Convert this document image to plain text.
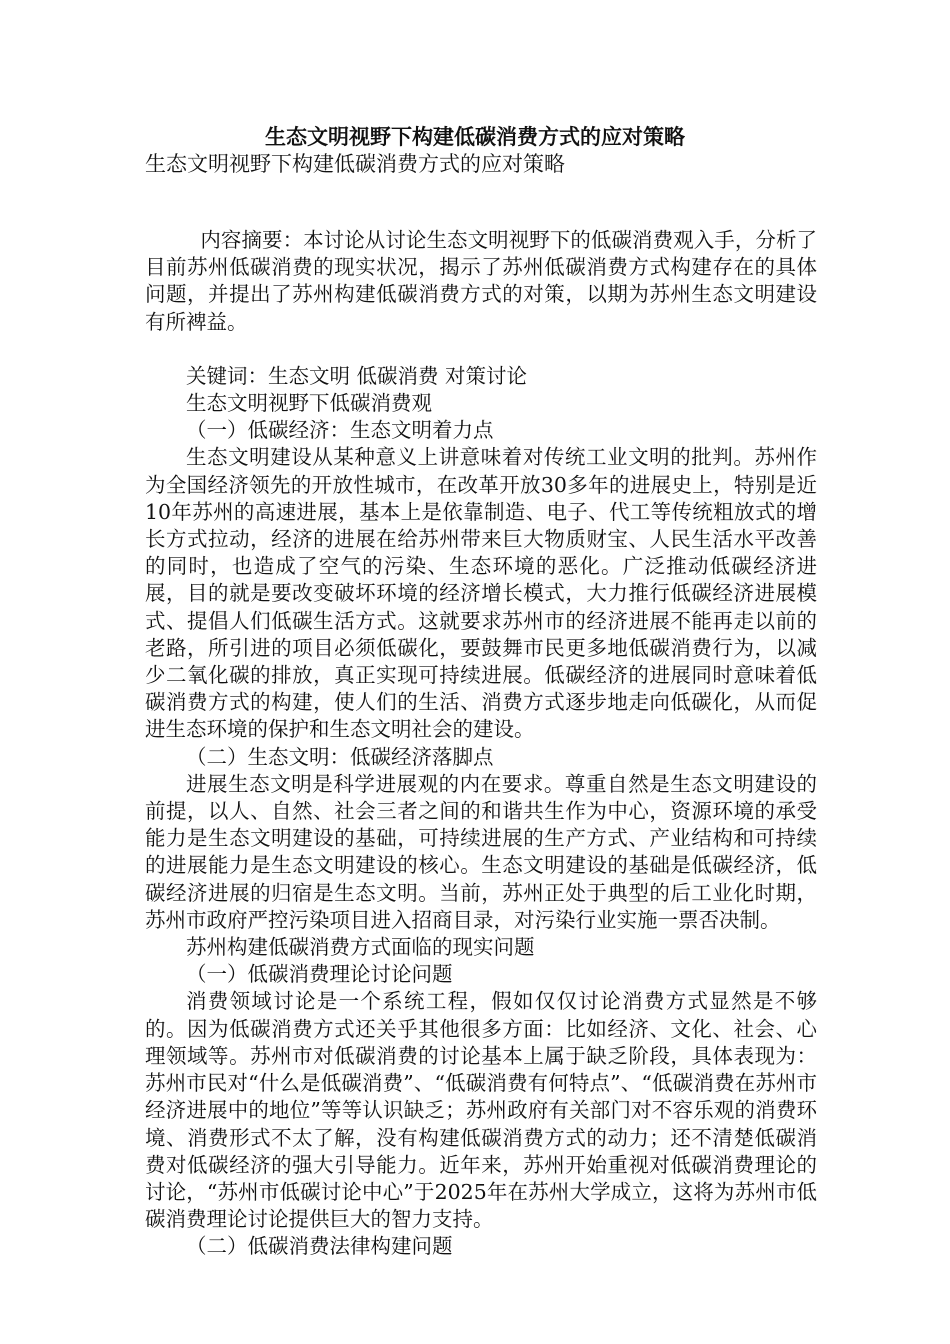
生态文明视野下构建低碳消费方式的应对策略

生态文明视野下构建低碳消费方式的应对策略

内容摘要：本讨论从讨论生态文明视野下的低碳消费观入手，分析了目前苏州低碳消费的现实状况，揭示了苏州低碳消费方式构建存在的具体问题，并提出了苏州构建低碳消费方式的对策，以期为苏州生态文明建设有所裨益。

关键词：生态文明 低碳消费 对策讨论

生态文明视野下低碳消费观

（一）低碳经济：生态文明着力点

生态文明建设从某种意义上讲意味着对传统工业文明的批判。苏州作为全国经济领先的开放性城市，在改革开放30多年的进展史上，特别是近10年苏州的高速进展，基本上是依靠制造、电子、代工等传统粗放式的增长方式拉动，经济的进展在给苏州带来巨大物质财宝、人民生活水平改善的同时，也造成了空气的污染、生态环境的恶化。广泛推动低碳经济进展，目的就是要改变破坏环境的经济增长模式，大力推行低碳经济进展模式、提倡人们低碳生活方式。这就要求苏州市的经济进展不能再走以前的老路，所引进的项目必须低碳化，要鼓舞市民更多地低碳消费行为，以减少二氧化碳的排放，真正实现可持续进展。低碳经济的进展同时意味着低碳消费方式的构建，使人们的生活、消费方式逐步地走向低碳化，从而促进生态环境的保护和生态文明社会的建设。

（二）生态文明：低碳经济落脚点

进展生态文明是科学进展观的内在要求。尊重自然是生态文明建设的前提，以人、自然、社会三者之间的和谐共生作为中心，资源环境的承受能力是生态文明建设的基础，可持续进展的生产方式、产业结构和可持续的进展能力是生态文明建设的核心。生态文明建设的基础是低碳经济，低碳经济进展的归宿是生态文明。当前，苏州正处于典型的后工业化时期，苏州市政府严控污染项目进入招商目录，对污染行业实施一票否决制。

苏州构建低碳消费方式面临的现实问题

（一）低碳消费理论讨论问题

消费领域讨论是一个系统工程，假如仅仅讨论消费方式显然是不够的。因为低碳消费方式还关乎其他很多方面：比如经济、文化、社会、心理领域等。苏州市对低碳消费的讨论基本上属于缺乏阶段，具体表现为：苏州市民对“什么是低碳消费”、“低碳消费有何特点”、“低碳消费在苏州市经济进展中的地位”等等认识缺乏；苏州政府有关部门对不容乐观的消费环境、消费形式不太了解，没有构建低碳消费方式的动力；还不清楚低碳消费对低碳经济的强大引导能力。近年来，苏州开始重视对低碳消费理论的讨论，“苏州市低碳讨论中心”于2025年在苏州大学成立，这将为苏州市低碳消费理论讨论提供巨大的智力支持。

（二）低碳消费法律构建问题
